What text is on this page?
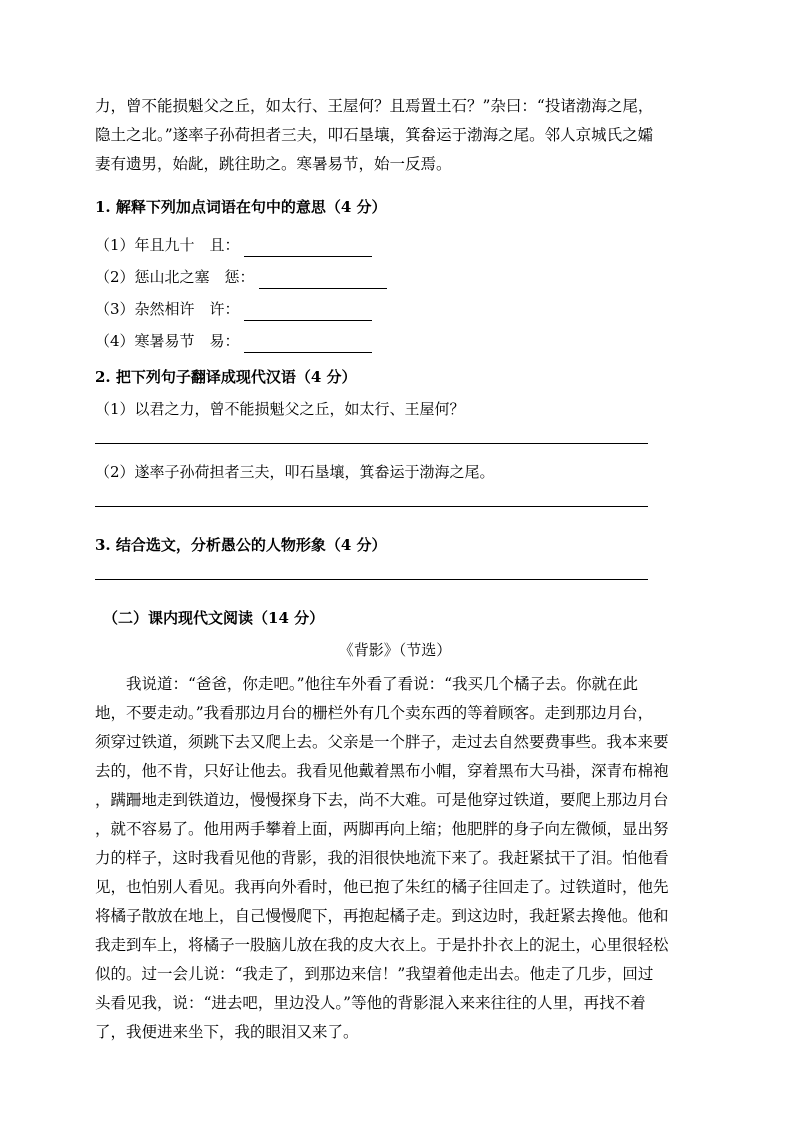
力，曾不能损魁父之丘，如太行、王屋何？且焉置土石？”杂曰：“投诸渤海之尾，

隐土之北。”遂率子孙荷担者三夫，叩石垦壤，箕畚运于渤海之尾。邻人京城氏之孀

妻有遗男，始龀，跳往助之。寒暑易节，始一反焉。

1. 解释下列加点词语在句中的意思（4 分）

（1）年且九十　且：

（2）惩山北之塞　惩：

（3）杂然相许　许：

（4）寒暑易节　易：

2. 把下列句子翻译成现代汉语（4 分）

（1）以君之力，曾不能损魁父之丘，如太行、王屋何？

（2）遂率子孙荷担者三夫，叩石垦壤，箕畚运于渤海之尾。

3. 结合选文，分析愚公的人物形象（4 分）

（二）课内现代文阅读（14 分）

《背影》（节选）

我说道：“爸爸，你走吧。”他往车外看了看说：“我买几个橘子去。你就在此

地，不要走动。”我看那边月台的栅栏外有几个卖东西的等着顾客。走到那边月台，

须穿过铁道，须跳下去又爬上去。父亲是一个胖子，走过去自然要费事些。我本来要

去的，他不肯，只好让他去。我看见他戴着黑布小帽，穿着黑布大马褂，深青布棉袍

，蹒跚地走到铁道边，慢慢探身下去，尚不大难。可是他穿过铁道，要爬上那边月台

，就不容易了。他用两手攀着上面，两脚再向上缩；他肥胖的身子向左微倾，显出努

力的样子，这时我看见他的背影，我的泪很快地流下来了。我赶紧拭干了泪。怕他看

见，也怕别人看见。我再向外看时，他已抱了朱红的橘子往回走了。过铁道时，他先

将橘子散放在地上，自己慢慢爬下，再抱起橘子走。到这边时，我赶紧去搀他。他和

我走到车上，将橘子一股脑儿放在我的皮大衣上。于是扑扑衣上的泥土，心里很轻松

似的。过一会儿说：“我走了，到那边来信！”我望着他走出去。他走了几步，回过

头看见我，说：“进去吧，里边没人。”等他的背影混入来来往往的人里，再找不着

了，我便进来坐下，我的眼泪又来了。
